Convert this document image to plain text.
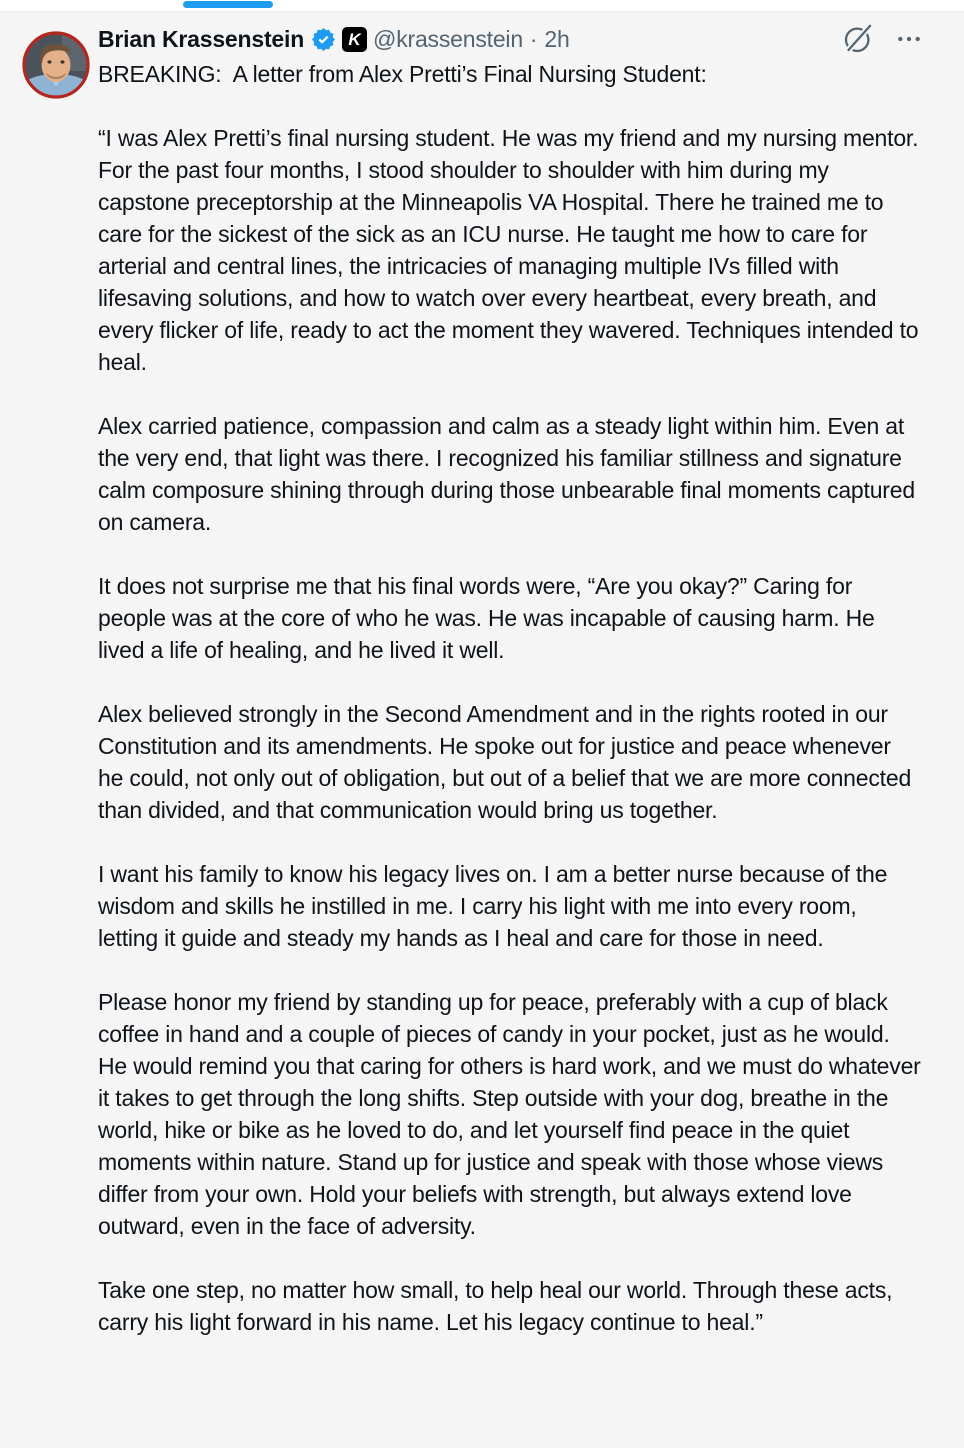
Brian Krassenstein	K @krassenstein · 2h

BREAKING:  A letter from Alex Pretti’s Final Nursing Student:

“I was Alex Pretti’s final nursing student. He was my friend and my nursing mentor. For the past four months, I stood shoulder to shoulder with him during my capstone preceptorship at the Minneapolis VA Hospital. There he trained me to care for the sickest of the sick as an ICU nurse. He taught me how to care for arterial and central lines, the intricacies of managing multiple IVs filled with lifesaving solutions, and how to watch over every heartbeat, every breath, and every flicker of life, ready to act the moment they wavered. Techniques intended to heal.

Alex carried patience, compassion and calm as a steady light within him. Even at the very end, that light was there. I recognized his familiar stillness and signature calm composure shining through during those unbearable final moments captured on camera.

It does not surprise me that his final words were, “Are you okay?” Caring for people was at the core of who he was. He was incapable of causing harm. He lived a life of healing, and he lived it well.

Alex believed strongly in the Second Amendment and in the rights rooted in our Constitution and its amendments. He spoke out for justice and peace whenever he could, not only out of obligation, but out of a belief that we are more connected than divided, and that communication would bring us together.

I want his family to know his legacy lives on. I am a better nurse because of the wisdom and skills he instilled in me. I carry his light with me into every room, letting it guide and steady my hands as I heal and care for those in need.

Please honor my friend by standing up for peace, preferably with a cup of black coffee in hand and a couple of pieces of candy in your pocket, just as he would. He would remind you that caring for others is hard work, and we must do whatever it takes to get through the long shifts. Step outside with your dog, breathe in the world, hike or bike as he loved to do, and let yourself find peace in the quiet moments within nature. Stand up for justice and speak with those whose views differ from your own. Hold your beliefs with strength, but always extend love outward, even in the face of adversity.

Take one step, no matter how small, to help heal our world. Through these acts, carry his light forward in his name. Let his legacy continue to heal.”
